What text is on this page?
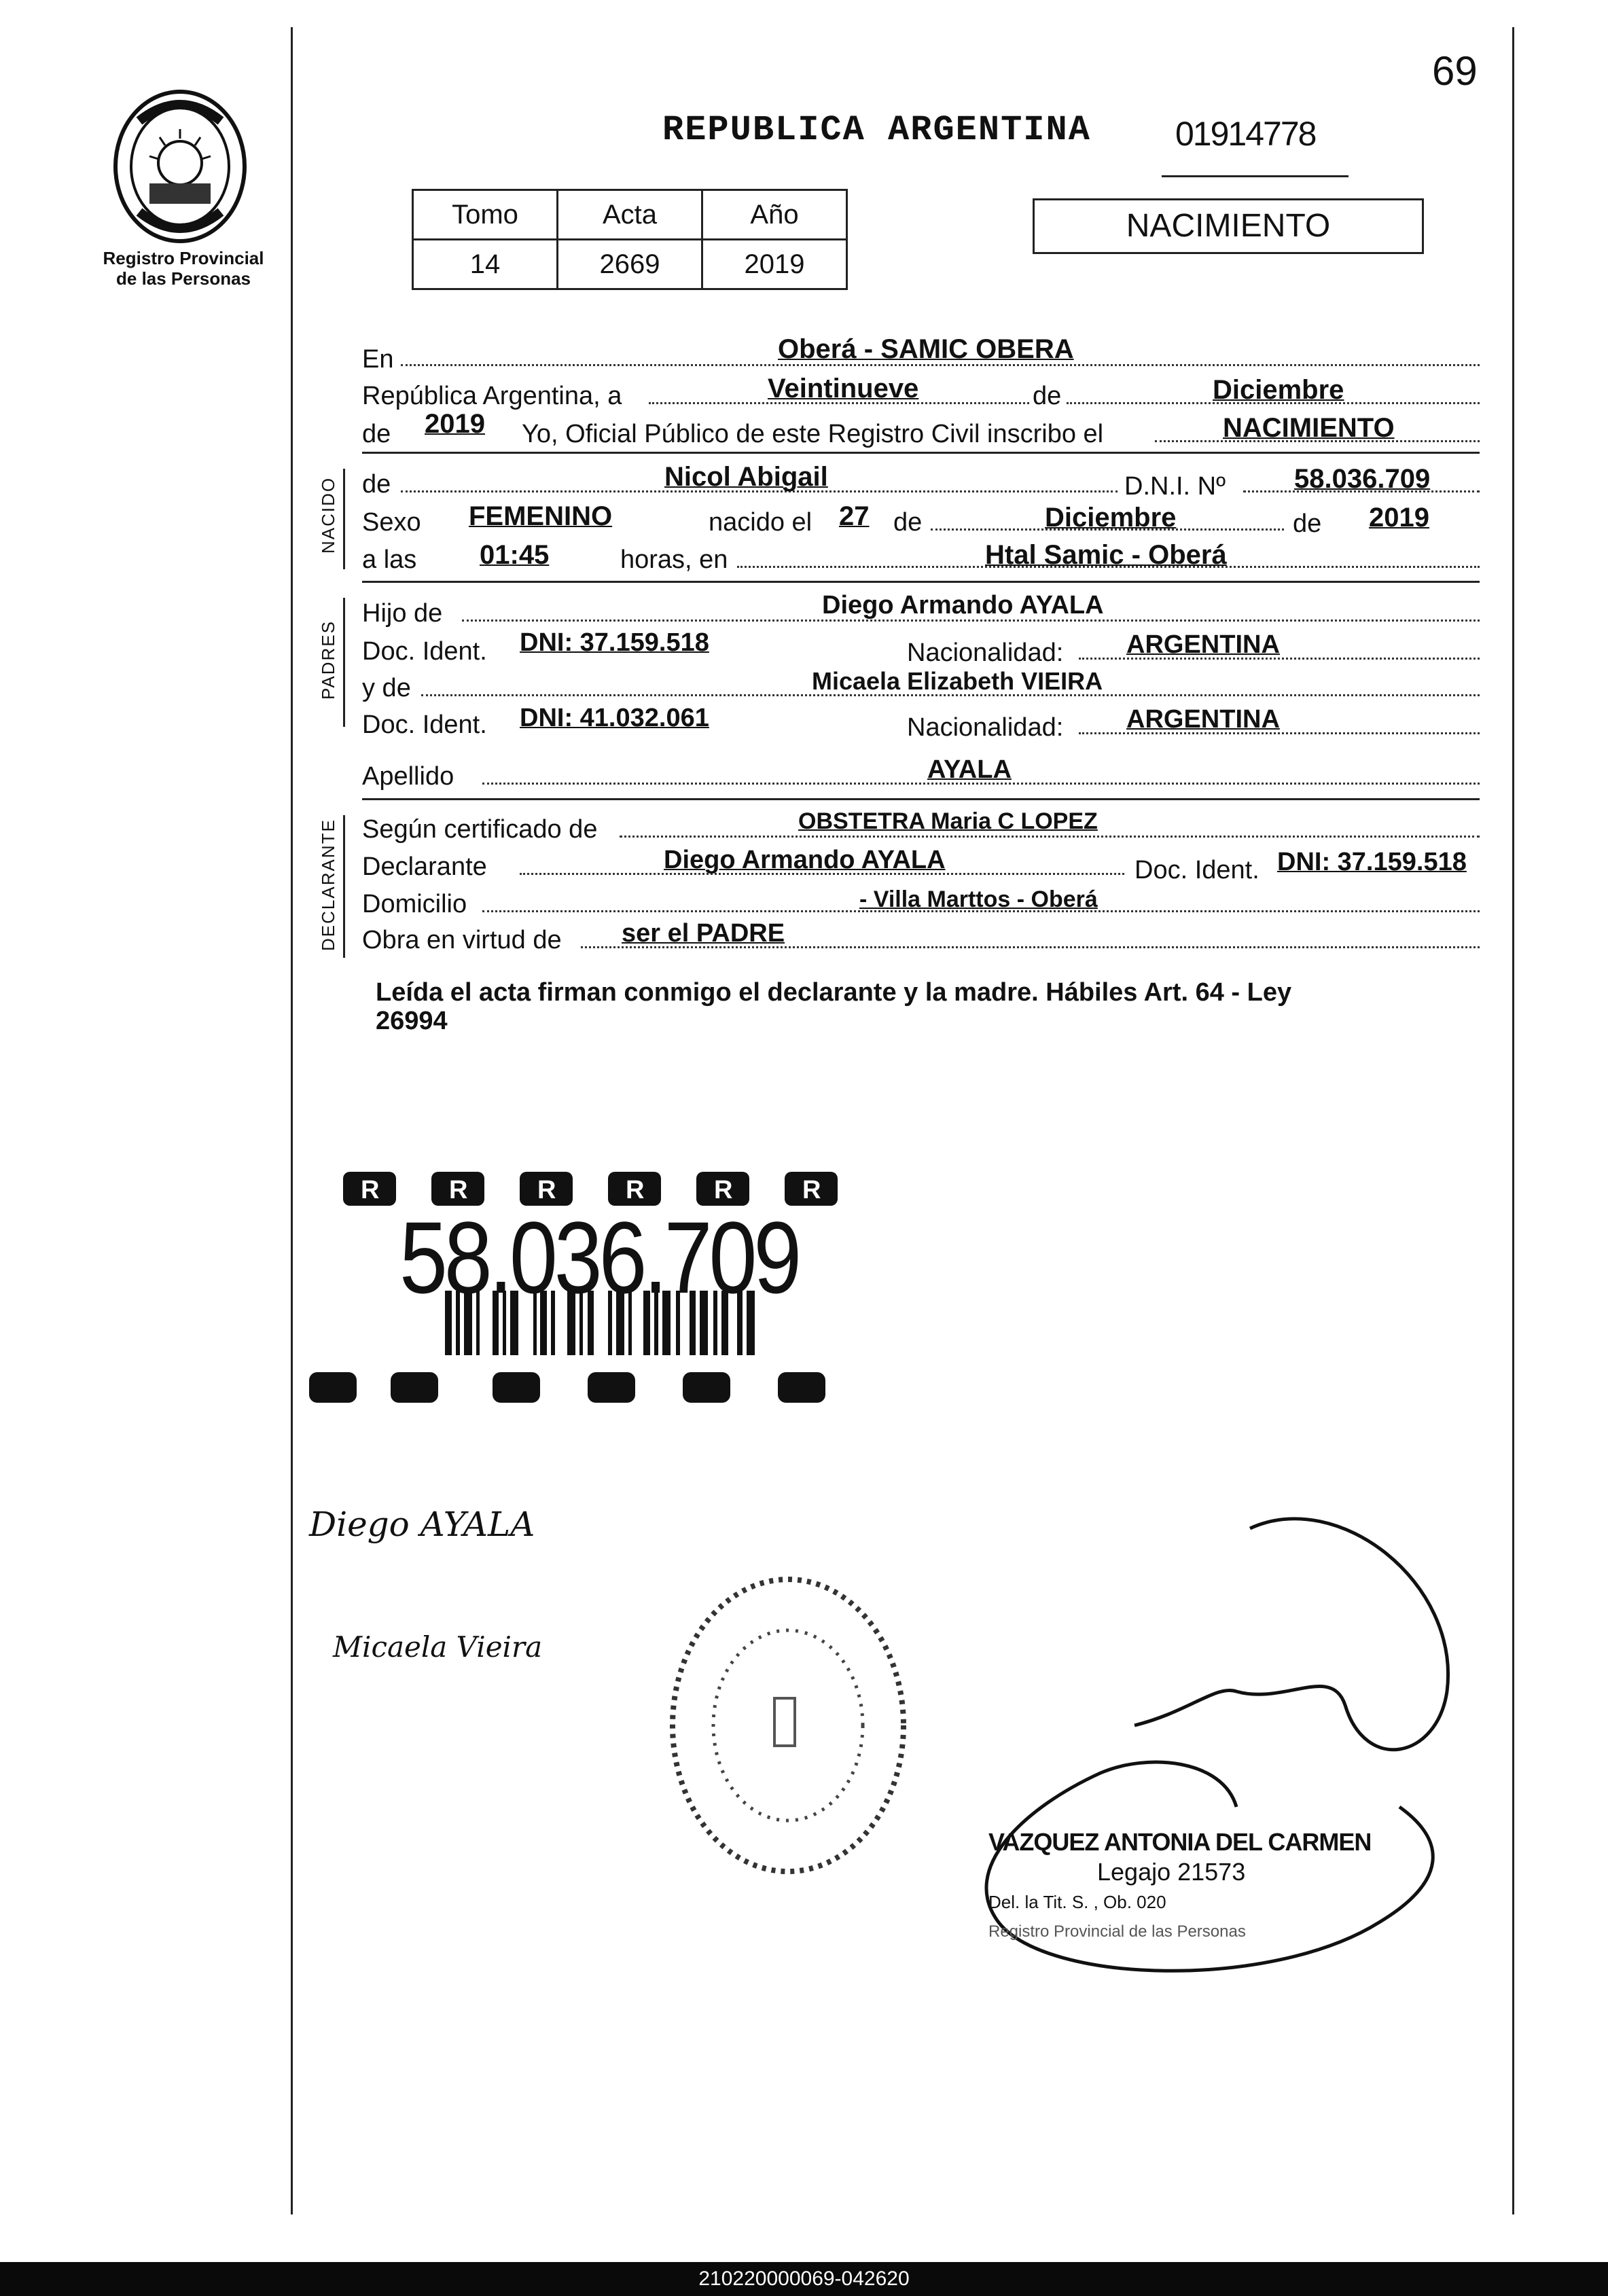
69
Registro Provincial
de las Personas
REPUBLICA ARGENTINA 01914778
Tomo	Acta	Año
14	2669	2019
NACIMIENTO
En	Oberá - SAMIC OBERA
República Argentina, a	Veintinueve	de	Diciembre
de 2019 Yo, Oficial Público de este Registro Civil inscribo el	NACIMIENTO
NACIDO de	Nicol Abigail	D.N.I. Nº	58.036.709
Sexo FEMENINO	nacido el 27 de	Diciembre	de 2019
a las 01:45	horas, en	Htal Samic - Oberá
PADRES
Hijo de	Diego Armando AYALA
Doc. Ident. DNI: 37.159.518	Nacionalidad: ARGENTINA
y de	Micaela Elizabeth VIEIRA
Doc. Ident. DNI: 41.032.061	Nacionalidad: ARGENTINA
Apellido	AYALA
DECLARANTE Según certificado de	OBSTETRA Maria C LOPEZ
Declarante	Diego Armando AYALA	Doc. Ident. DNI: 37.159.518
Domicilio	- Villa Marttos - Oberá
Obra en virtud de ser el PADRE
Leída el acta firman conmigo el declarante y la madre. Hábiles Art. 64 - Ley
26994
R	R	R	R	R	R
58.036.709
Diego AYALA
Micaela Vieira
VAZQUEZ ANTONIA DEL CARMEN
Legajo 21573
Del. la Tit. S. , Ob. 020
Registro Provincial de las Personas
210220000069-042620
